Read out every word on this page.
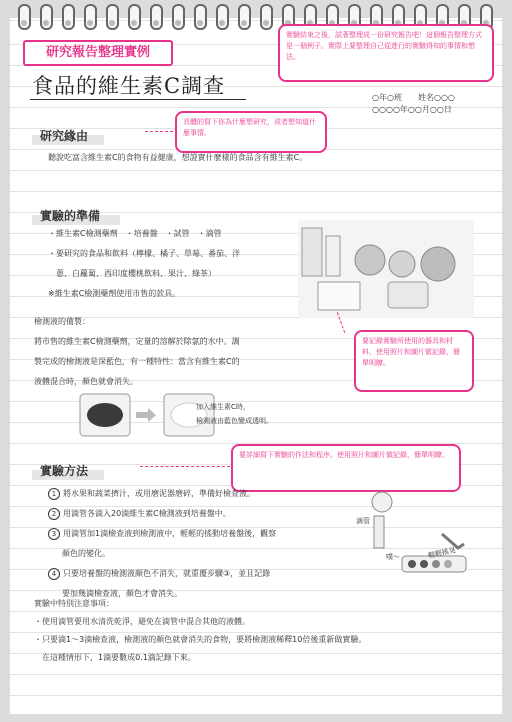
研究報告整理實例
實驗結束之後，試著整理成一份研究報告吧！這個報告整理方式是一個例子。實際上要整理自己從進行的實驗得知的事情和想法。
食品的維生素C調查	○年○班　　姓名○○○
○○○○年○○月○○日
具體的寫下你為什麼想研究，或者想知道什麼事情。
研究緣由
聽說吃富含維生素C的食物有益健康，想證實什麼樣的食品含有維生素C。
實驗的準備
・維生素C檢測藥劑　・培養盤　・試管　・滴管
・要研究的食品和飲料（檸檬、橘子、草莓、番茄、洋
　蔥、白蘿蔔、西印度櫻桃飲料、果汁、綠茶）
※維生素C檢測藥劑使用市售的款具。
要記錄實驗所使用的器具和材料，使用照片和圖片做記錄，簡單明瞭。
檢測液的備製：
將市售的維生素C檢測藥劑，定量的溶解於除氯的水中。調
製完成的檢測液是深藍色，有一種特性：當含有維生素C的
液體混合時，顏色就會消失。
加入維生素C時，
檢測液由藍色變成透明。
要詳細寫下實驗的作法和程序。使用照片和圖片做記錄，簡單明瞭。
實驗方法
1 將水果和蔬菜擠汁，或用磨泥器磨碎，準備好檢查液。
2 用滴管各滴入20滴維生素C檢測液到培養盤中。
3 用滴管加1滴檢查液到檢測液中，輕輕的搖動培養盤後，觀察
顏色的變化。
4 只要培養盤的檢測液顏色不消失，就重覆步驟③，並且記錄
要加幾滴檢查液，顏色才會消失。
滴管
噗～	輕輕搖晃
實驗中特別注意事項：
・使用滴管要用水清洗乾淨，避免在滴管中混合其他的液體。
・只要滴1～3滴檢查液，檢測液的顏色就會消失的食物，要將檢測液稀釋10倍後重新做實驗。
　在這種情形下，1滴要數成0.1滴記錄下來。
